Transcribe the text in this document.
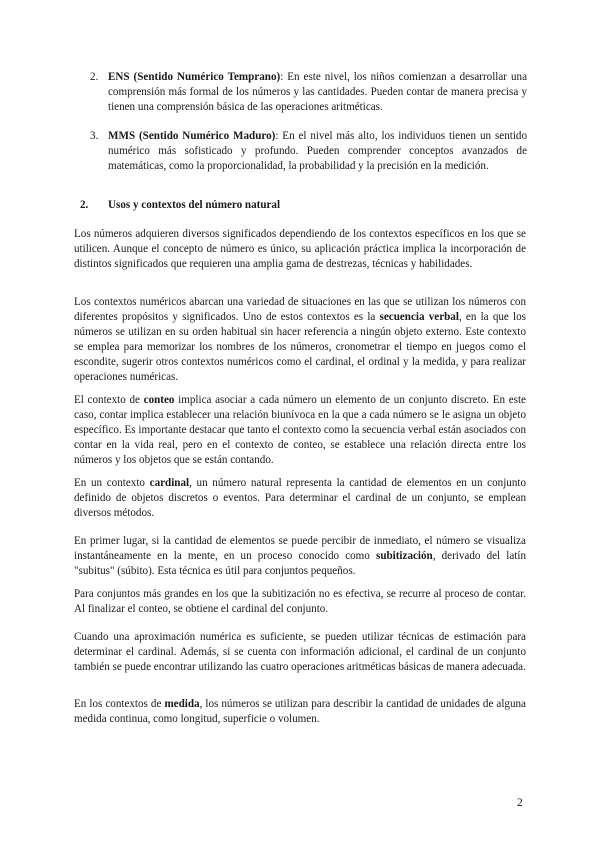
2. ENS (Sentido Numérico Temprano): En este nivel, los niños comienzan a desarrollar una comprensión más formal de los números y las cantidades. Pueden contar de manera precisa y tienen una comprensión básica de las operaciones aritméticas.

3. MMS (Sentido Numérico Maduro): En el nivel más alto, los individuos tienen un sentido numérico más sofisticado y profundo. Pueden comprender conceptos avanzados de matemáticas, como la proporcionalidad, la probabilidad y la precisión en la medición.

2. Usos y contextos del número natural

Los números adquieren diversos significados dependiendo de los contextos específicos en los que se utilicen. Aunque el concepto de número es único, su aplicación práctica implica la incorporación de distintos significados que requieren una amplia gama de destrezas, técnicas y habilidades.

Los contextos numéricos abarcan una variedad de situaciones en las que se utilizan los números con diferentes propósitos y significados. Uno de estos contextos es la secuencia verbal, en la que los números se utilizan en su orden habitual sin hacer referencia a ningún objeto externo. Este contexto se emplea para memorizar los nombres de los números, cronometrar el tiempo en juegos como el escondite, sugerir otros contextos numéricos como el cardinal, el ordinal y la medida, y para realizar operaciones numéricas.

El contexto de conteo implica asociar a cada número un elemento de un conjunto discreto. En este caso, contar implica establecer una relación biunívoca en la que a cada número se le asigna un objeto específico. Es importante destacar que tanto el contexto como la secuencia verbal están asociados con contar en la vida real, pero en el contexto de conteo, se establece una relación directa entre los números y los objetos que se están contando.

En un contexto cardinal, un número natural representa la cantidad de elementos en un conjunto definido de objetos discretos o eventos. Para determinar el cardinal de un conjunto, se emplean diversos métodos.

En primer lugar, si la cantidad de elementos se puede percibir de inmediato, el número se visualiza instantáneamente en la mente, en un proceso conocido como subitización, derivado del latín "subitus" (súbito). Esta técnica es útil para conjuntos pequeños.

Para conjuntos más grandes en los que la subitización no es efectiva, se recurre al proceso de contar. Al finalizar el conteo, se obtiene el cardinal del conjunto.

Cuando una aproximación numérica es suficiente, se pueden utilizar técnicas de estimación para determinar el cardinal. Además, si se cuenta con información adicional, el cardinal de un conjunto también se puede encontrar utilizando las cuatro operaciones aritméticas básicas de manera adecuada.

En los contextos de medida, los números se utilizan para describir la cantidad de unidades de alguna medida continua, como longitud, superficie o volumen.

2
